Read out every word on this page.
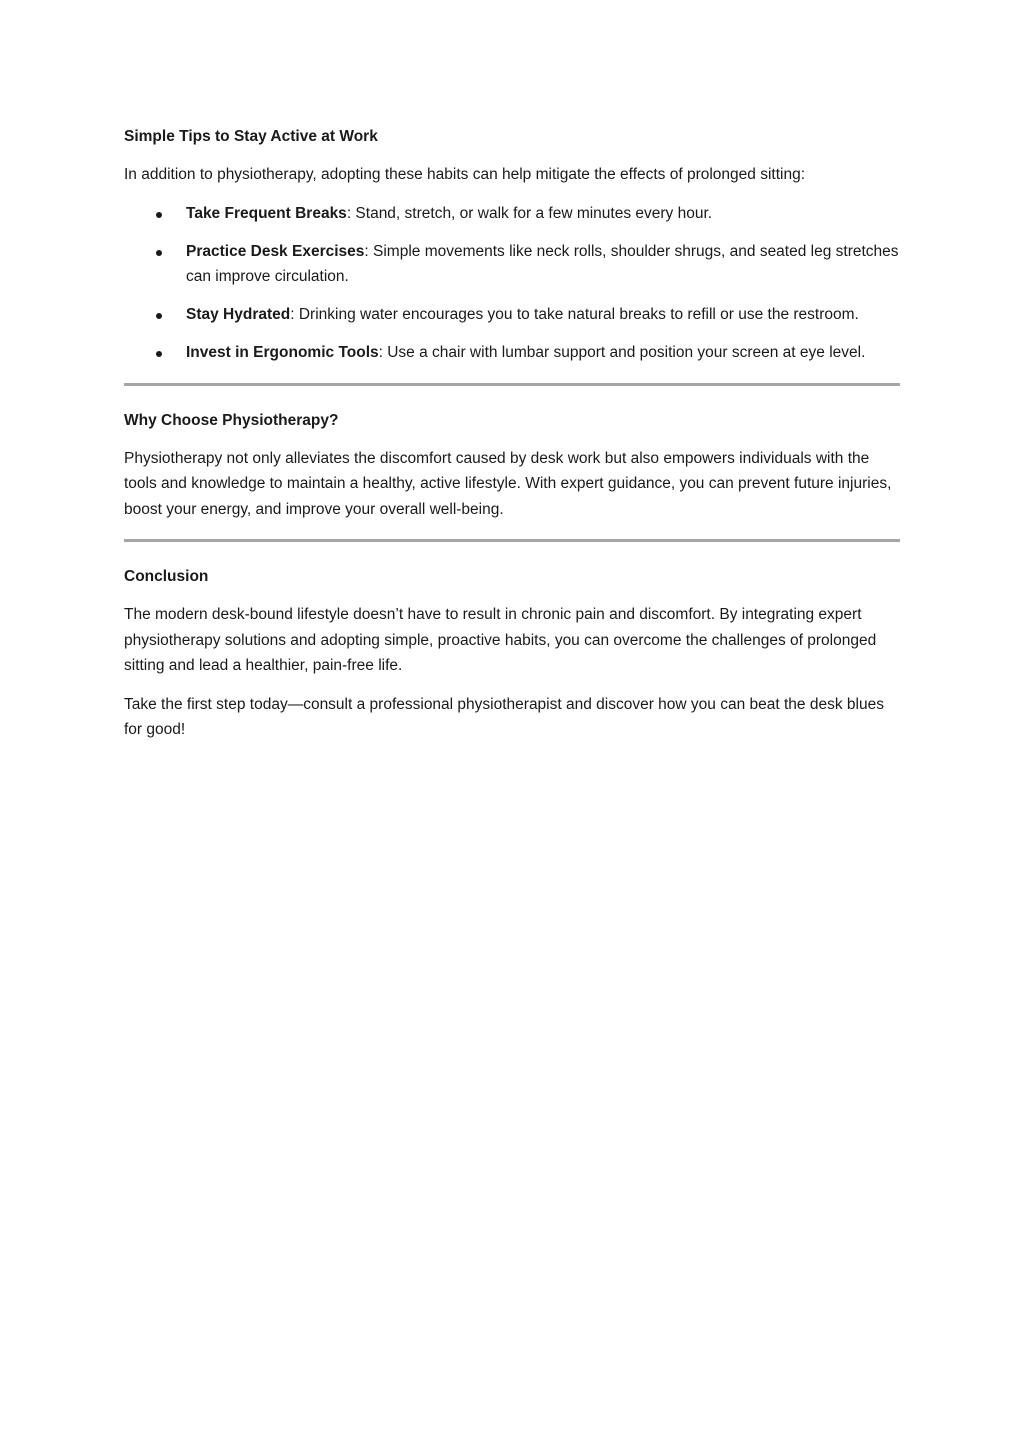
Simple Tips to Stay Active at Work

In addition to physiotherapy, adopting these habits can help mitigate the effects of prolonged sitting:

Take Frequent Breaks: Stand, stretch, or walk for a few minutes every hour.
Practice Desk Exercises: Simple movements like neck rolls, shoulder shrugs, and seated leg stretches can improve circulation.
Stay Hydrated: Drinking water encourages you to take natural breaks to refill or use the restroom.
Invest in Ergonomic Tools: Use a chair with lumbar support and position your screen at eye level.
Why Choose Physiotherapy?

Physiotherapy not only alleviates the discomfort caused by desk work but also empowers individuals with the tools and knowledge to maintain a healthy, active lifestyle. With expert guidance, you can prevent future injuries, boost your energy, and improve your overall well-being.

Conclusion

The modern desk-bound lifestyle doesn’t have to result in chronic pain and discomfort. By integrating expert physiotherapy solutions and adopting simple, proactive habits, you can overcome the challenges of prolonged sitting and lead a healthier, pain-free life.

Take the first step today—consult a professional physiotherapist and discover how you can beat the desk blues for good!
